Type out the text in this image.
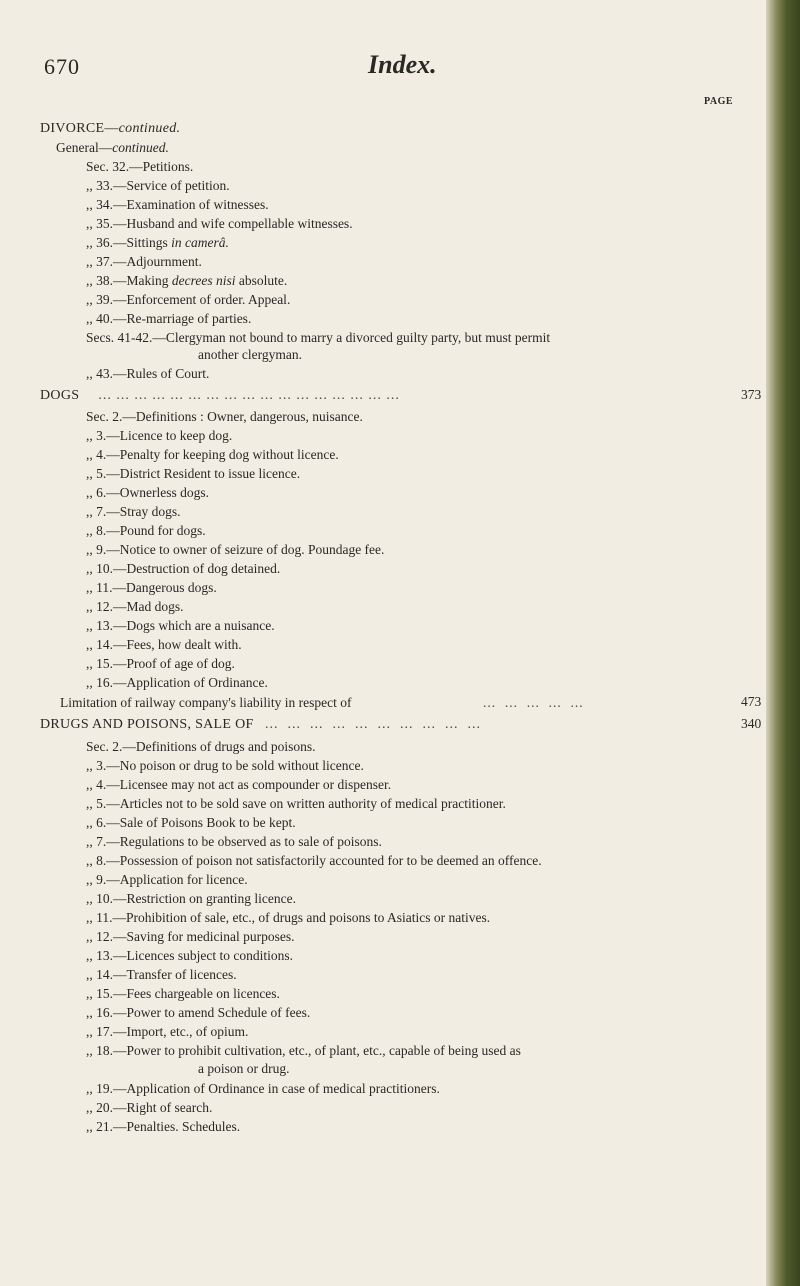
670	Index.
PAGE
DIVORCE—continued.
General—continued.
Sec. 32.—Petitions.
,, 33.—Service of petition.
,, 34.—Examination of witnesses.
,, 35.—Husband and wife compellable witnesses.
,, 36.—Sittings in camerâ.
,, 37.—Adjournment.
,, 38.—Making decrees nisi absolute.
,, 39.—Enforcement of order. Appeal.
,, 40.—Re-marriage of parties.
Secs. 41-42.—Clergyman not bound to marry a divorced guilty party, but must permit
another clergyman.
,, 43.—Rules of Court.
DOGS ... ... ... ... ... ... ... ... ... ... ... ... ... ... ... ... ...	373
Sec. 2.—Definitions : Owner, dangerous, nuisance.
,, 3.—Licence to keep dog.
,, 4.—Penalty for keeping dog without licence.
,, 5.—District Resident to issue licence.
,, 6.—Ownerless dogs.
,, 7.—Stray dogs.
,, 8.—Pound for dogs.
,, 9.—Notice to owner of seizure of dog. Poundage fee.
,, 10.—Destruction of dog detained.
,, 11.—Dangerous dogs.
,, 12.—Mad dogs.
,, 13.—Dogs which are a nuisance.
,, 14.—Fees, how dealt with.
,, 15.—Proof of age of dog.
,, 16.—Application of Ordinance.
Limitation of railway company's liability in respect of	...  ...  ...  ...  ...	473
DRUGS AND POISONS, SALE OF ...  ...  ...  ...  ...  ...  ...  ...  ...  ...	340
Sec. 2.—Definitions of drugs and poisons.
,, 3.—No poison or drug to be sold without licence.
,, 4.—Licensee may not act as compounder or dispenser.
,, 5.—Articles not to be sold save on written authority of medical practitioner.
,, 6.—Sale of Poisons Book to be kept.
,, 7.—Regulations to be observed as to sale of poisons.
,, 8.—Possession of poison not satisfactorily accounted for to be deemed an offence.
,, 9.—Application for licence.
,, 10.—Restriction on granting licence.
,, 11.—Prohibition of sale, etc., of drugs and poisons to Asiatics or natives.
,, 12.—Saving for medicinal purposes.
,, 13.—Licences subject to conditions.
,, 14.—Transfer of licences.
,, 15.—Fees chargeable on licences.
,, 16.—Power to amend Schedule of fees.
,, 17.—Import, etc., of opium.
,, 18.—Power to prohibit cultivation, etc., of plant, etc., capable of being used as
a poison or drug.
,, 19.—Application of Ordinance in case of medical practitioners.
,, 20.—Right of search.
,, 21.—Penalties. Schedules.
